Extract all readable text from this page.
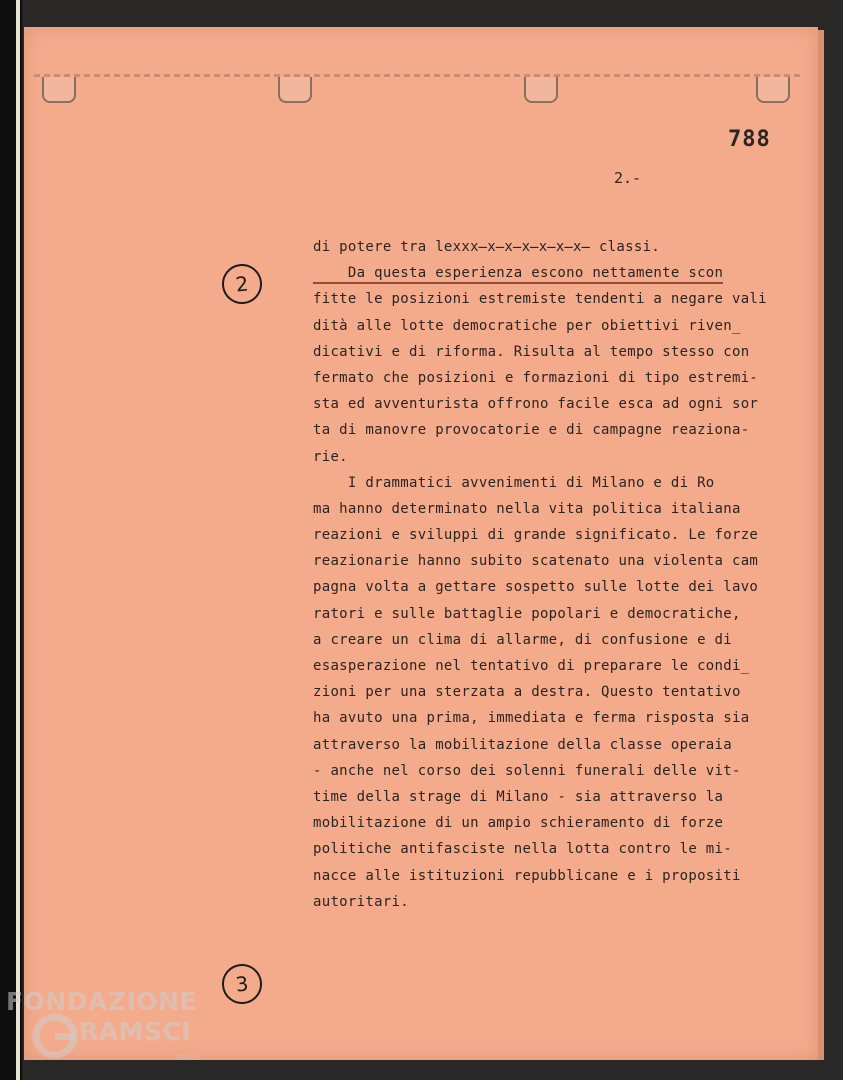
788
2.-
2
3
di potere tra lexxx̶x̶x̶x̶x̶x̶x̶ classi.
Da questa esperienza escono nettamente scon
fitte le posizioni estremiste tendenti a negare vali
dità alle lotte democratiche per obiettivi riven_
dicativi e di riforma. Risulta al tempo stesso con
fermato che posizioni e formazioni di tipo estremi-
sta ed avventurista offrono facile esca ad ogni sor
ta di manovre provocatorie e di campagne reaziona-
rie.
I drammatici avvenimenti di Milano e di Ro
ma hanno determinato nella vita politica italiana
reazioni e sviluppi di grande significato. Le forze
reazionarie hanno subito scatenato una violenta cam
pagna volta a gettare sospetto sulle lotte dei lavo
ratori e sulle battaglie popolari e democratiche,
a creare un clima di allarme, di confusione e di
esasperazione nel tentativo di preparare le condi_
zioni per una sterzata a destra. Questo tentativo
ha avuto una prima, immediata e ferma risposta sia
attraverso la mobilitazione della classe operaia
- anche nel corso dei solenni funerali delle vit-
time della strage di Milano - sia attraverso la
mobilitazione di un ampio schieramento di forze
politiche antifasciste nella lotta contro le mi-
nacce alle istituzioni repubblicane e i propositi
autoritari.
FONDAZIONE
RAMSCI
onlus
